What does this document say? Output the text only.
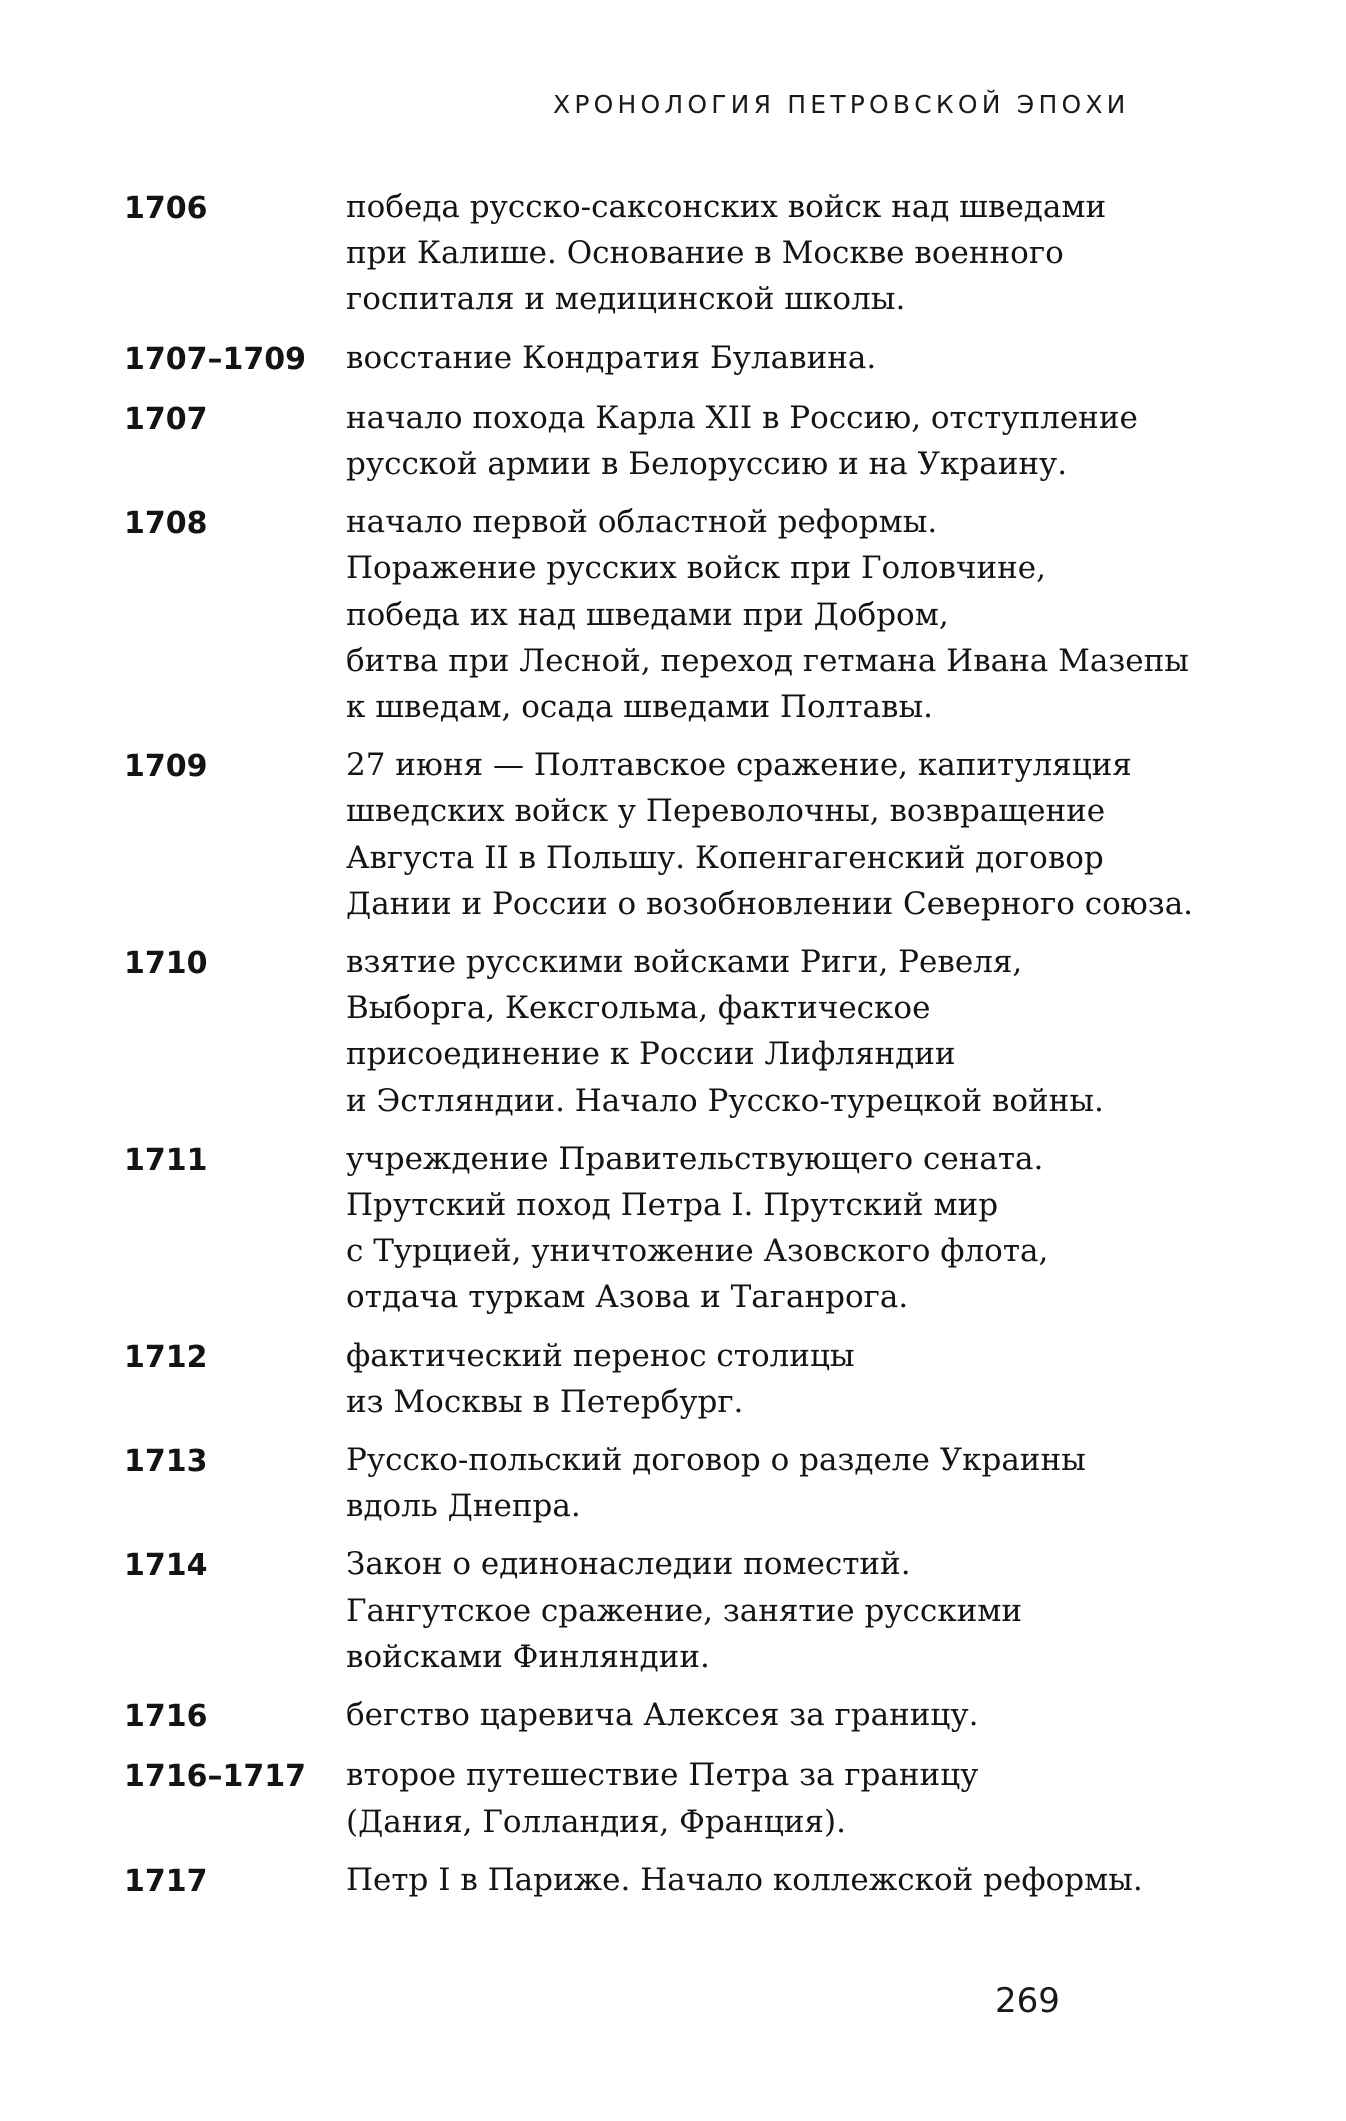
ХРОНОЛОГИЯ ПЕТРОВСКОЙ ЭПОХИ
1706	победа русско-саксонских войск над шведами
при Калише. Основание в Москве военного
госпиталя и медицинской школы.
1707–1709	восстание Кондратия Булавина.
1707	начало похода Карла XII в Россию, отступление
русской армии в Белоруссию и на Украину.
1708	начало первой областной реформы.
Поражение русских войск при Головчине,
победа их над шведами при Добром,
битва при Лесной, переход гетмана Ивана Мазепы
к шведам, осада шведами Полтавы.
1709	27 июня — Полтавское сражение, капитуляция
шведских войск у Переволочны, возвращение
Августа II в Польшу. Копенгагенский договор
Дании и России о возобновлении Северного союза.
1710	взятие русскими войсками Риги, Ревеля,
Выборга, Кексгольма, фактическое
присоединение к России Лифляндии
и Эстляндии. Начало Русско-турецкой войны.
1711	учреждение Правительствующего сената.
Прутский поход Петра I. Прутский мир
с Турцией, уничтожение Азовского флота,
отдача туркам Азова и Таганрога.
1712	фактический перенос столицы
из Москвы в Петербург.
1713	Русско-польский договор о разделе Украины
вдоль Днепра.
1714	Закон о единонаследии поместий.
Гангутское сражение, занятие русскими
войсками Финляндии.
1716	бегство царевича Алексея за границу.
1716–1717	второе путешествие Петра за границу
(Дания, Голландия, Франция).
1717	Петр I в Париже. Начало коллежской реформы.
269
